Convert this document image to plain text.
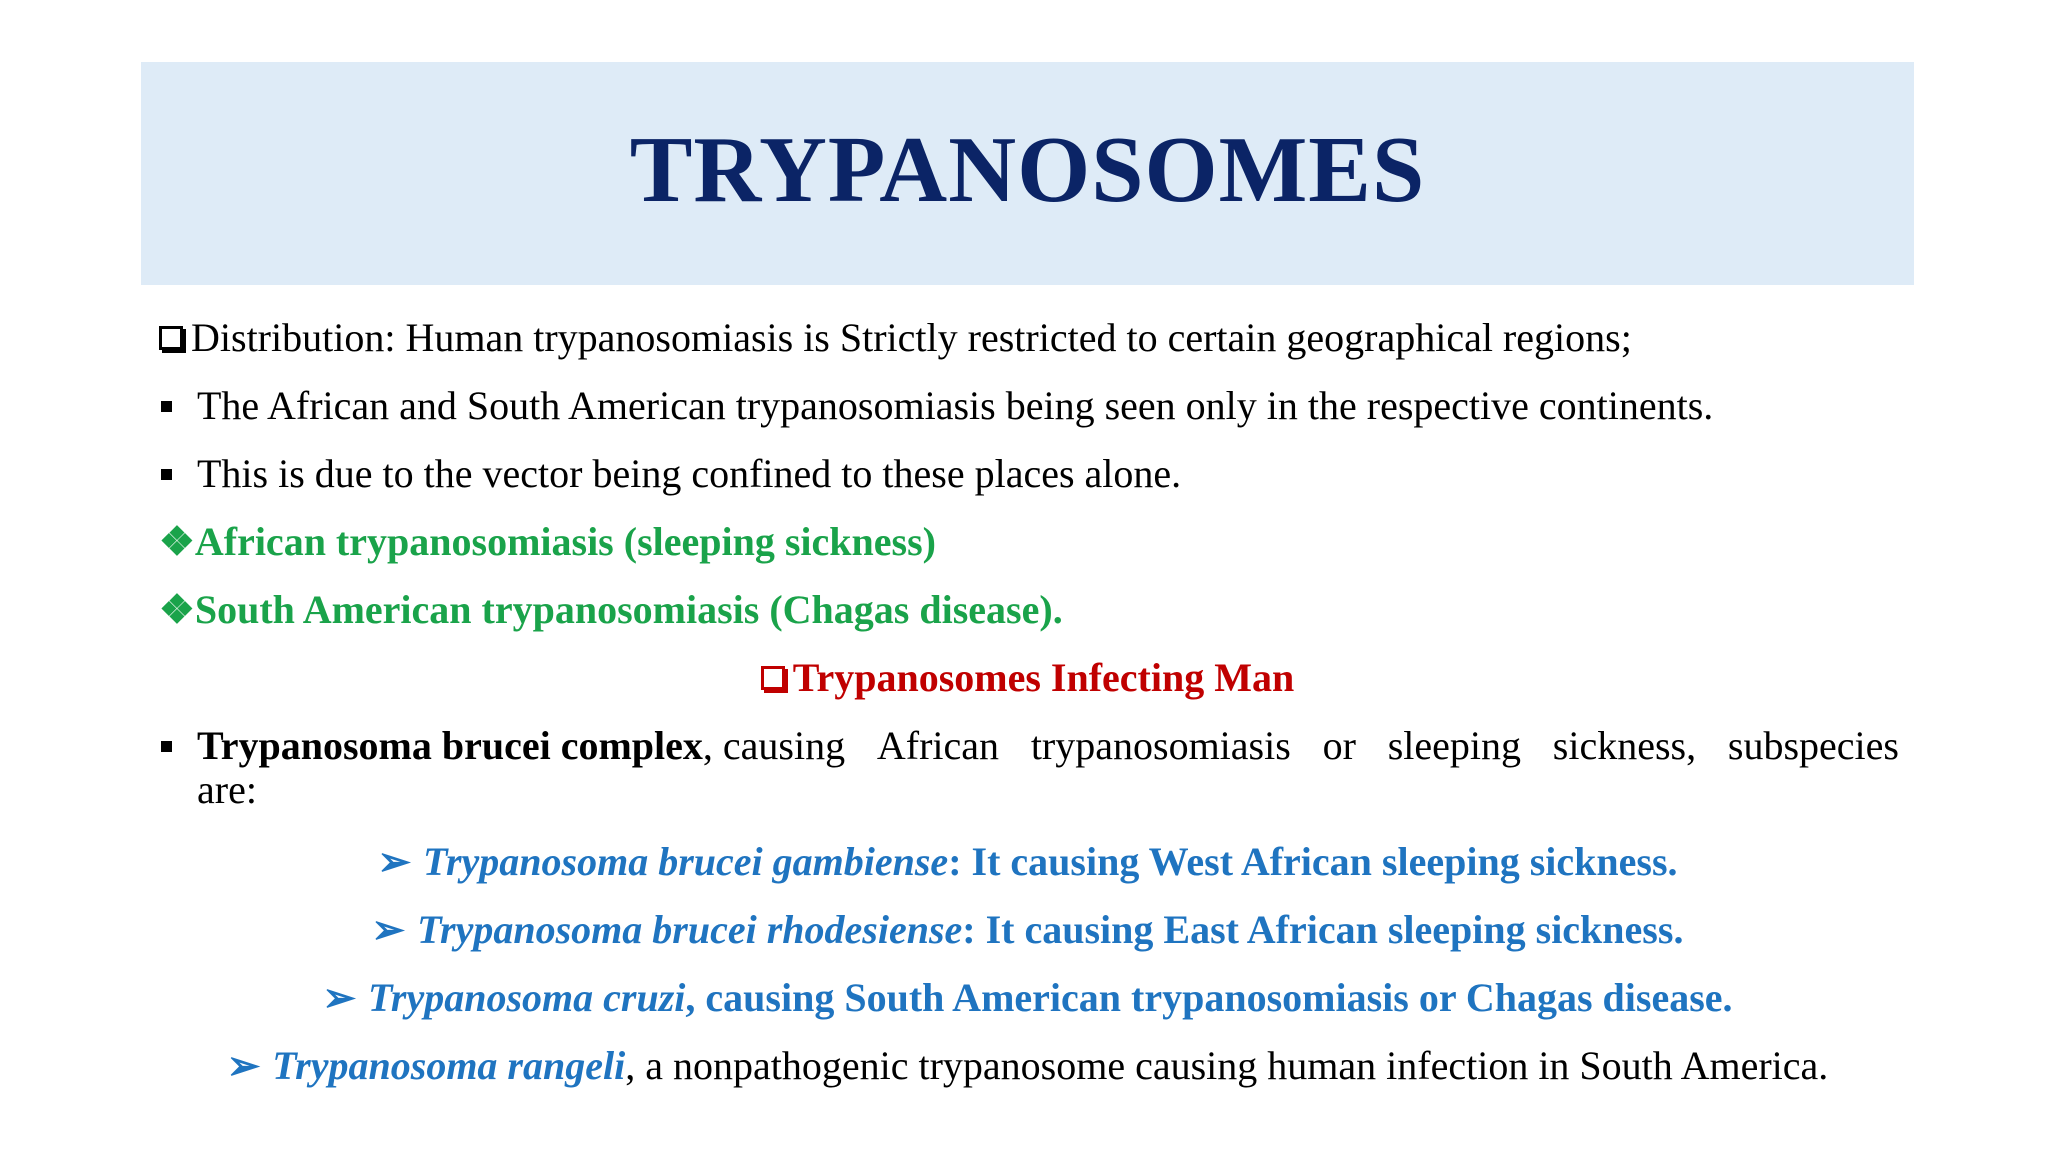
TRYPANOSOMES
Distribution: Human trypanosomiasis is Strictly restricted to certain geographical regions;
The African and South American trypanosomiasis being seen only in the respective continents.
This is due to the vector being confined to these places alone.
❖African trypanosomiasis (sleeping sickness)
❖South American trypanosomiasis (Chagas disease).
Trypanosomes Infecting Man
Trypanosoma brucei complex, causing African trypanosomiasis or sleeping sickness, subspecies
are:
➢ Trypanosoma brucei gambiense: It causing West African sleeping sickness.
➢ Trypanosoma brucei rhodesiense: It causing East African sleeping sickness.
➢ Trypanosoma cruzi, causing South American trypanosomiasis or Chagas disease.
➢ Trypanosoma rangeli, a nonpathogenic trypanosome causing human infection in South America.
